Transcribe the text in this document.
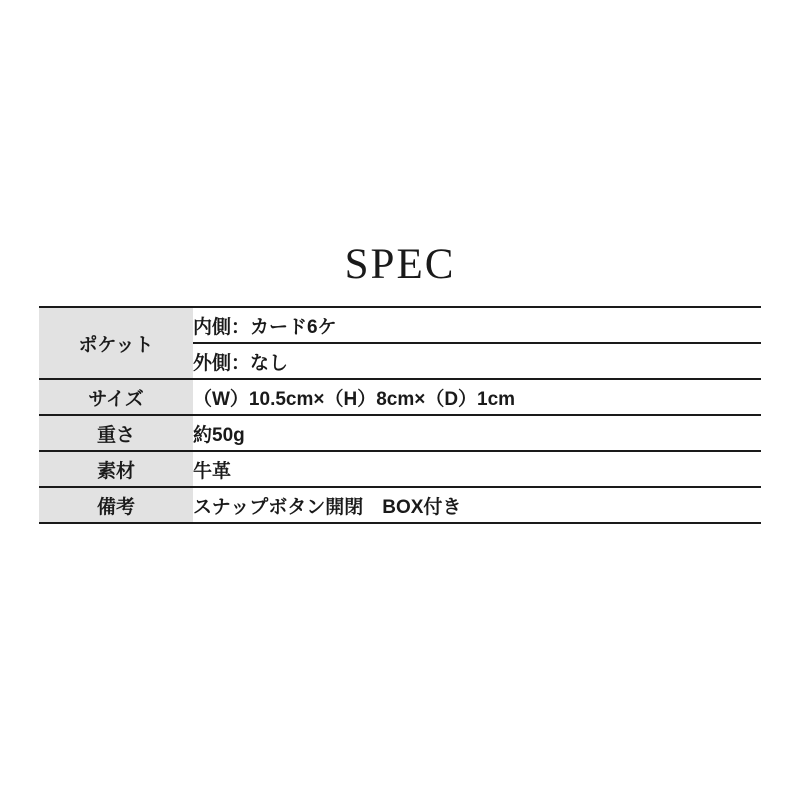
SPEC
ポケット	内側：カード6ケ
	外側：なし
サイズ	（W）10.5cm×（H）8cm×（D）1cm
重さ	約50g
素材	牛革
備考	スナップボタン開閉　BOX付き
